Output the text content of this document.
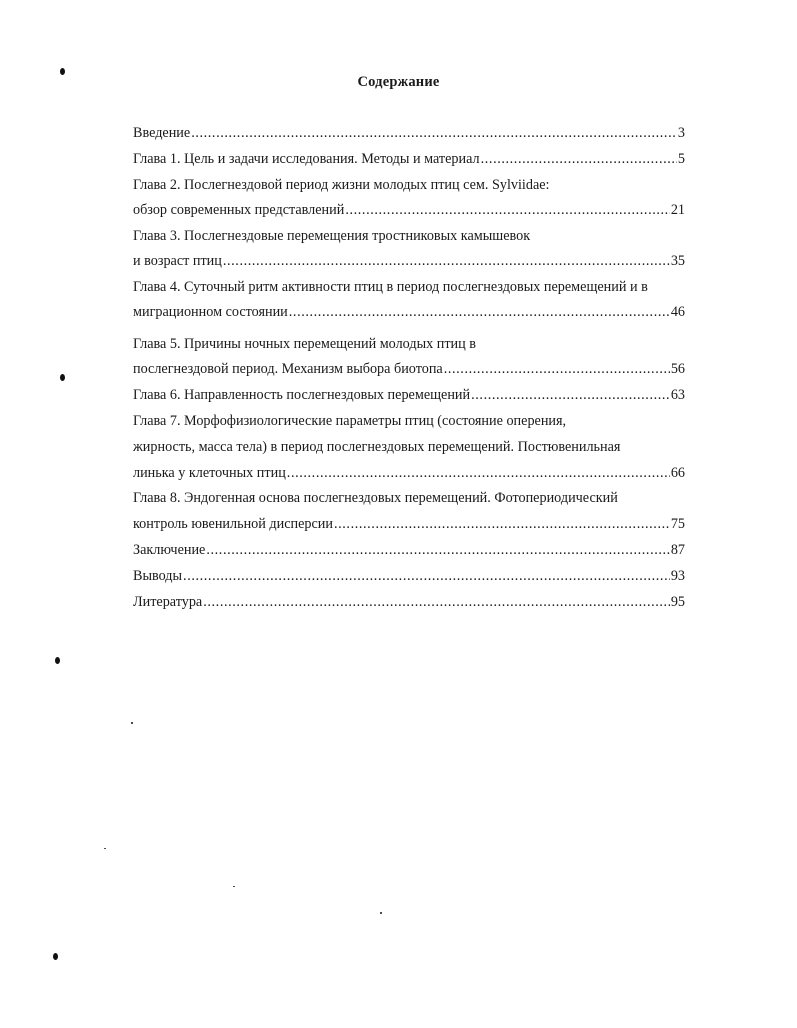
Содержание
Введение .....	3
Глава 1. Цель и задачи исследования. Методы и материал .....	5
Глава 2. Послегнездовой период жизни молодых птиц сем. Sylviidae:
обзор современных представлений .....	21
Глава 3. Послегнездовые перемещения тростниковых камышевок
и возраст птиц .....	35
Глава 4. Суточный ритм активности птиц в период послегнездовых перемещений и в
миграционном состоянии .....	46
Глава 5. Причины ночных перемещений молодых птиц в
послегнездовой период. Механизм выбора биотопа .....	56
Глава 6. Направленность послегнездовых перемещений .....	63
Глава 7. Морфофизиологические параметры птиц (состояние оперения,
жирность, масса тела) в период послегнездовых перемещений. Постювенильная
линька у клеточных птиц .....	66
Глава 8. Эндогенная основа послегнездовых перемещений. Фотопериодический
контроль ювенильной дисперсии .....	75
Заключение .....	87
Выводы .....	93
Литература .....	95
